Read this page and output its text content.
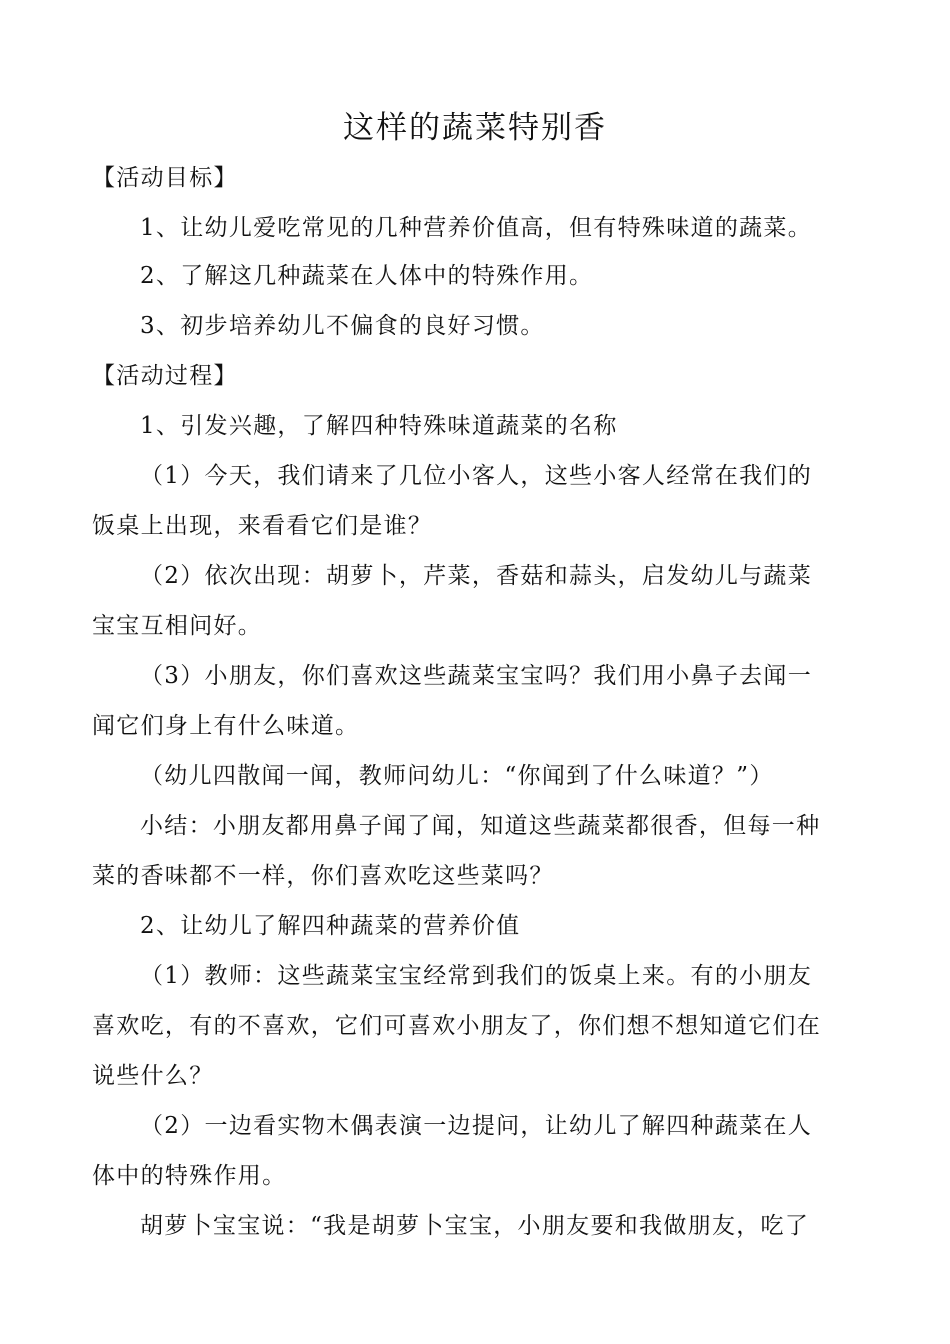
这样的蔬菜特别香
【活动目标】
1、让幼儿爱吃常见的几种营养价值高，但有特殊味道的蔬菜。
2、了解这几种蔬菜在人体中的特殊作用。
3、初步培养幼儿不偏食的良好习惯。
【活动过程】
1、引发兴趣，了解四种特殊味道蔬菜的名称
（1）今天，我们请来了几位小客人，这些小客人经常在我们的
饭桌上出现，来看看它们是谁？
（2）依次出现：胡萝卜，芹菜，香菇和蒜头，启发幼儿与蔬菜
宝宝互相问好。
（3）小朋友，你们喜欢这些蔬菜宝宝吗？我们用小鼻子去闻一
闻它们身上有什么味道。
（幼儿四散闻一闻，教师问幼儿：“你闻到了什么味道？”）
小结：小朋友都用鼻子闻了闻，知道这些蔬菜都很香，但每一种
菜的香味都不一样，你们喜欢吃这些菜吗？
2、让幼儿了解四种蔬菜的营养价值
（1）教师：这些蔬菜宝宝经常到我们的饭桌上来。有的小朋友
喜欢吃，有的不喜欢，它们可喜欢小朋友了，你们想不想知道它们在
说些什么？
（2）一边看实物木偶表演一边提问，让幼儿了解四种蔬菜在人
体中的特殊作用。
胡萝卜宝宝说：“我是胡萝卜宝宝，小朋友要和我做朋友，吃了
